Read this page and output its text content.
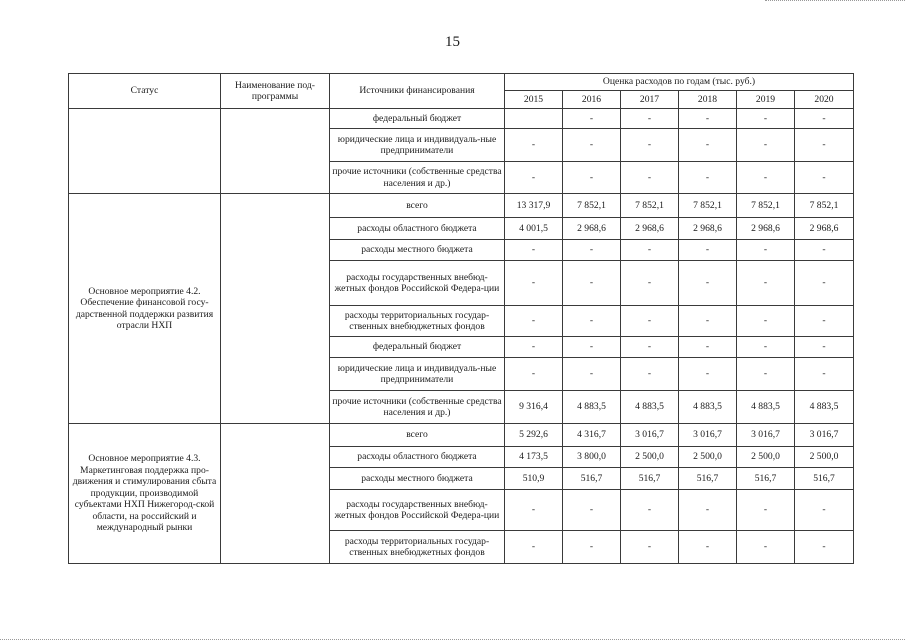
15
Статус	Наименование под-программы	Источники финансирования	Оценка расходов по годам (тыс. руб.)					
			2015	2016	2017	2018	2019	2020
		федеральный бюджет		-	-	-	-	-
		юридические лица и индивидуаль-ные предприниматели	-	-	-	-	-	-
		прочие источники (собственные средства населения и др.)	-	-	-	-	-	-
Основное мероприятие 4.2. Обеспечение финансовой госу-дарственной поддержки развития отрасли НХП		всего	13 317,9	7 852,1	7 852,1	7 852,1	7 852,1	7 852,1
		расходы областного бюджета	4 001,5	2 968,6	2 968,6	2 968,6	2 968,6	2 968,6
		расходы местного бюджета	-	-	-	-	-	-
		расходы государственных внебюд-жетных фондов Российской Федера-ции	-	-	-	-	-	-
		расходы территориальных государ-ственных внебюджетных фондов	-	-	-	-	-	-
		федеральный бюджет	-	-	-	-	-	-
		юридические лица и индивидуаль-ные предприниматели	-	-	-	-	-	-
		прочие источники (собственные средства населения и др.)	9 316,4	4 883,5	4 883,5	4 883,5	4 883,5	4 883,5
Основное мероприятие 4.3. Маркетинговая поддержка про-движения и стимулирования сбыта продукции, производимой субъектами НХП Нижегород-ской области, на российский и международный рынки		всего	5 292,6	4 316,7	3 016,7	3 016,7	3 016,7	3 016,7
		расходы областного бюджета	4 173,5	3 800,0	2 500,0	2 500,0	2 500,0	2 500,0
		расходы местного бюджета	510,9	516,7	516,7	516,7	516,7	516,7
		расходы государственных внебюд-жетных фондов Российской Федера-ции	-	-	-	-	-	-
		расходы территориальных государ-ственных внебюджетных фондов	-	-	-	-	-	-
